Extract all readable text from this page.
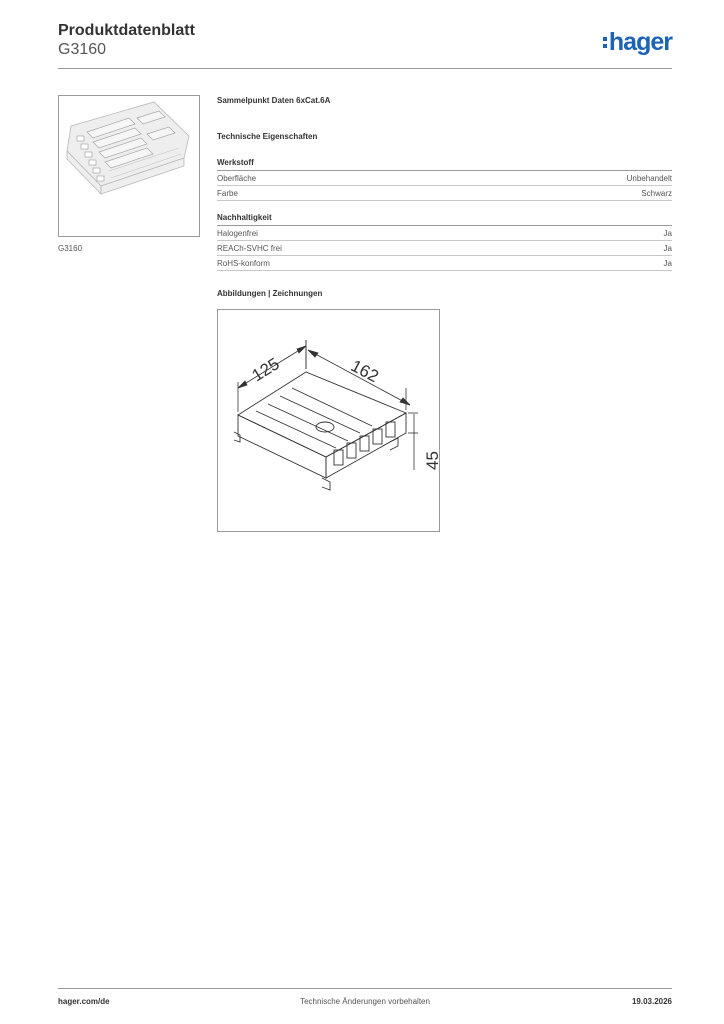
Produktdatenblatt
G3160	hager
G3160
Sammelpunkt Daten 6xCat.6A
Technische Eigenschaften
Werkstoff
Oberfläche	Unbehandelt
Farbe	Schwarz
Nachhaltigkeit
Halogenfrei	Ja
REACh-SVHC frei	Ja
RoHS-konform	Ja
Abbildungen | Zeichnungen
125	162
45
hager.com/de	Technische Änderungen vorbehalten	19.03.2026
